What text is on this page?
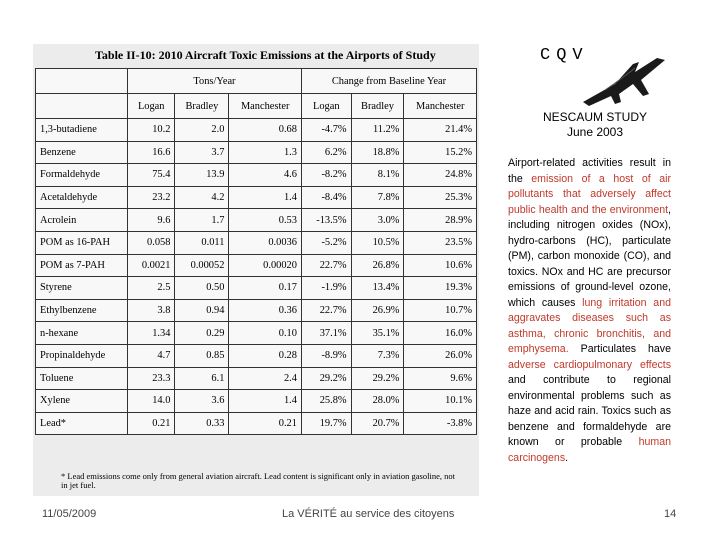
Table II-10: 2010 Aircraft Toxic Emissions at the Airports of Study
	Tons/Year			Change from Baseline Year		
	Logan	Bradley	Manchester	Logan	Bradley	Manchester
1,3-butadiene	10.2	2.0	0.68	-4.7%	11.2%	21.4%
Benzene	16.6	3.7	1.3	6.2%	18.8%	15.2%
Formaldehyde	75.4	13.9	4.6	-8.2%	8.1%	24.8%
Acetaldehyde	23.2	4.2	1.4	-8.4%	7.8%	25.3%
Acrolein	9.6	1.7	0.53	-13.5%	3.0%	28.9%
POM as 16-PAH	0.058	0.011	0.0036	-5.2%	10.5%	23.5%
POM as 7-PAH	0.0021	0.00052	0.00020	22.7%	26.8%	10.6%
Styrene	2.5	0.50	0.17	-1.9%	13.4%	19.3%
Ethylbenzene	3.8	0.94	0.36	22.7%	26.9%	10.7%
n-hexane	1.34	0.29	0.10	37.1%	35.1%	16.0%
Propinaldehyde	4.7	0.85	0.28	-8.9%	7.3%	26.0%
Toluene	23.3	6.1	2.4	29.2%	29.2%	9.6%
Xylene	14.0	3.6	1.4	25.8%	28.0%	10.1%
Lead*	0.21	0.33	0.21	19.7%	20.7%	-3.8%
* Lead emissions come only from general aviation aircraft. Lead content is significant only in aviation gasoline, not in jet fuel.
CQV
NESCAUM STUDY
June 2003
Airport-related activities result in the emission of a host of air pollutants that adversely affect public health and the environment, including nitrogen oxides (NOx), hydro-carbons (HC), particulate (PM), carbon monoxide (CO), and toxics. NOx and HC are precursor emissions of ground-level ozone, which causes lung irritation and aggravates diseases such as asthma, chronic bronchitis, and emphysema. Particulates have adverse cardiopulmonary effects and contribute to regional environmental problems such as haze and acid rain. Toxics such as benzene and formaldehyde are known or probable human carcinogens.
11/05/2009	La VÉRITÉ au service des citoyens	14
